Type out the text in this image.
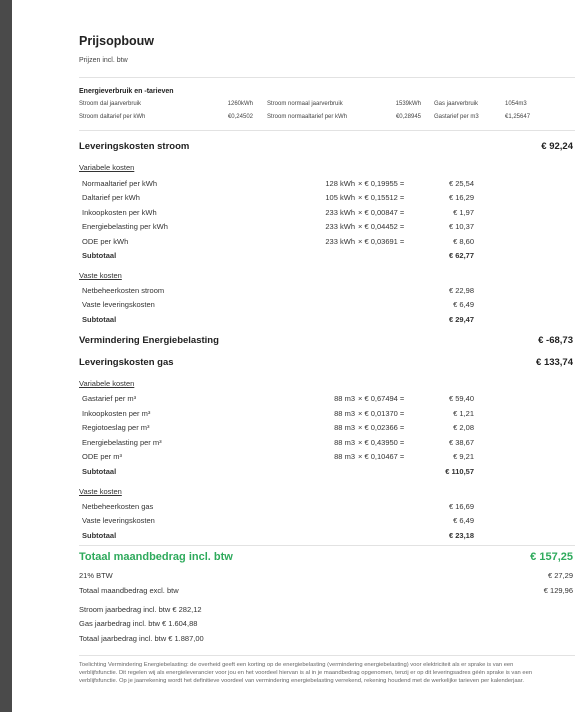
Prijsopbouw
Prijzen incl. btw
Energieverbruik en -tarieven
Stroom dal jaarverbruik	1260kWh Stroom normaal jaarverbruik	1539kWh Gas jaarverbruik	1054m3
Stroom daltarief per kWh	€0,24502 Stroom normaaltarief per kWh	€0,28945 Gastarief per m3	€1,25647
Leveringskosten stroom	€ 92,24
Variabele kosten
Normaaltarief per kWh	128 kWh × € 0,19955 =	€ 25,54
Daltarief per kWh	105 kWh × € 0,15512 =	€ 16,29
Inkoopkosten per kWh	233 kWh × € 0,00847 =	€ 1,97
Energiebelasting per kWh	233 kWh × € 0,04452 =	€ 10,37
ODE per kWh	233 kWh × € 0,03691 =	€ 8,60
Subtotaal	€ 62,77
Vaste kosten
Netbeheerkosten stroom	€ 22,98
Vaste leveringskosten	€ 6,49
Subtotaal	€ 29,47
Vermindering Energiebelasting	€ -68,73
Leveringskosten gas	€ 133,74
Variabele kosten
Gastarief per m³	88 m3 × € 0,67494 =	€ 59,40
Inkoopkosten per m³	88 m3 × € 0,01370 =	€ 1,21
Regiotoeslag per m³	88 m3 × € 0,02366 =	€ 2,08
Energiebelasting per m³	88 m3 × € 0,43950 =	€ 38,67
ODE per m³	88 m3 × € 0,10467 =	€ 9,21
Subtotaal	€ 110,57
Vaste kosten
Netbeheerkosten gas	€ 16,69
Vaste leveringskosten	€ 6,49
Subtotaal	€ 23,18
Totaal maandbedrag incl. btw	€ 157,25
21% BTW	€ 27,29
Totaal maandbedrag excl. btw	€ 129,96
Stroom jaarbedrag incl. btw € 282,12
Gas jaarbedrag incl. btw € 1.604,88
Totaal jaarbedrag incl. btw € 1.887,00
Toelichting Vermindering Energiebelasting: de overheid geeft een korting op de energiebelasting (vermindering energiebelasting) voor elektriciteit als er sprake is van een verblijfsfunctie. Dit regelen wij als energieleverancier voor jou en het voordeel hiervan is al in je maandbedrag opgenomen, tenzij er op dit leveringsadres géén sprake is van een verblijfsfunctie. Op je jaarrekening wordt het definitieve voordeel van vermindering energiebelasting verrekend, rekening houdend met de werkelijke tarieven per kalenderjaar.
